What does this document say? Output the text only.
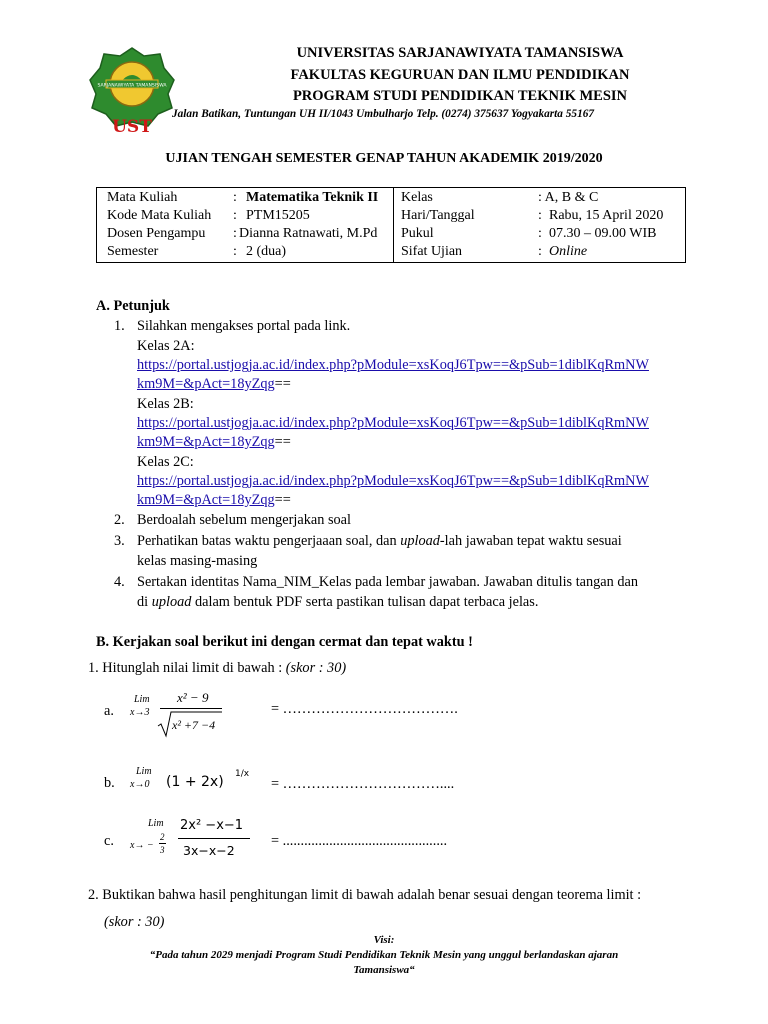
SARJANAWIYATA TAMANSISWA
UST
UNIVERSITAS SARJANAWIYATA TAMANSISWA
FAKULTAS KEGURUAN DAN ILMU PENDIDIKAN
PROGRAM STUDI PENDIDIKAN TEKNIK MESIN
Jalan Batikan, Tuntungan UH II/1043 Umbulharjo Telp. (0274) 375637 Yogyakarta 55167
UJIAN TENGAH SEMESTER GENAP TAHUN AKADEMIK 2019/2020
Mata Kuliah	: Matematika Teknik II
Kode Mata Kuliah : PTM15205
Dosen Pengampu : Dianna Ratnawati, M.Pd
Semester	: 2 (dua)
Kelas	: A, B & C
Hari/Tanggal	: Rabu, 15 April 2020
Pukul	: 07.30 – 09.00 WIB
Sifat Ujian	: Online
A. Petunjuk
1. Silahkan mengakses portal pada link.
Kelas 2A:
https://portal.ustjogja.ac.id/index.php?pModule=xsKoqJ6Tpw==&pSub=1diblKqRmNW
km9M=&pAct=18yZqg==
Kelas 2B:
https://portal.ustjogja.ac.id/index.php?pModule=xsKoqJ6Tpw==&pSub=1diblKqRmNW
km9M=&pAct=18yZqg==
Kelas 2C:
https://portal.ustjogja.ac.id/index.php?pModule=xsKoqJ6Tpw==&pSub=1diblKqRmNW
km9M=&pAct=18yZqg==
2. Berdoalah sebelum mengerjakan soal
3. Perhatikan batas waktu pengerjaaan soal, dan upload-lah jawaban tepat waktu sesuai
kelas masing-masing
4. Sertakan identitas Nama_NIM_Kelas pada lembar jawaban. Jawaban ditulis tangan dan
di upload dalam bentuk PDF serta pastikan tulisan dapat terbaca jelas.
B. Kerjakan soal berikut ini dengan cermat dan tepat waktu !
1. Hitunglah nilai limit di bawah : (skor : 30)
a.
Lim
x→3
x² − 9
x² +7 −4
= ……………………………….
b.
Lim
x→0 (1 + 2x) 1/x
= ……………………………....
c.
Lim
x→ −
2
3
2x² −x−1
3x−x−2
= ..............................................
2. Buktikan bahwa hasil penghitungan limit di bawah adalah benar sesuai dengan teorema limit :
(skor : 30)
Visi:
“Pada tahun 2029 menjadi Program Studi Pendidikan Teknik Mesin yang unggul berlandaskan ajaran
Tamansiswa“
